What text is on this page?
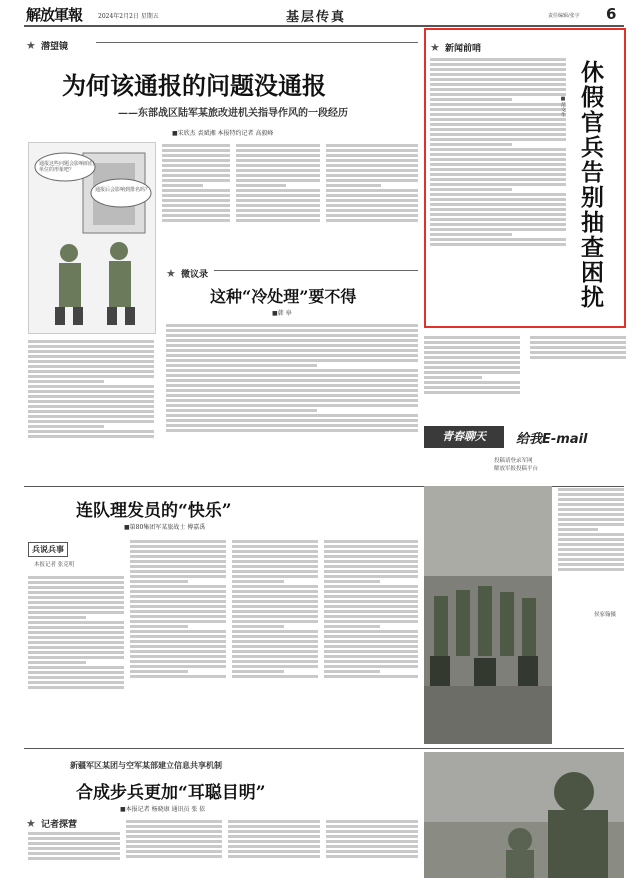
解放軍報	2024年2月2日 星期五	基层传真	责任编辑/张宇 6
★ 潜望镜
为何该通报的问题没通报
——东部战区陆军某旅改进机关指导作风的一段经历
■宋欣杰 裘斌湘 本报特约记者 高毅峰
通报这些问题会影响咱们单位的形象吧？
通报后会影响到排名吗？
★ 微议录
这种“冷处理”要不得
■韩 皋
★ 新闻前哨
休假官兵告别抽查困扰
■范文生
青春聊天	给我E-mail
投稿请登录军网
解放军报投稿平台
连队理发员的“快乐”
■第80集团军某旅战士 傅嘉禹
兵说兵事
本报记者 张克明
侯家翰摄
新疆军区某团与空军某部建立信息共享机制
合成步兵更加“耳聪目明”
■本报记者 杨晓康 通讯员 张 依
★ 记者探营
